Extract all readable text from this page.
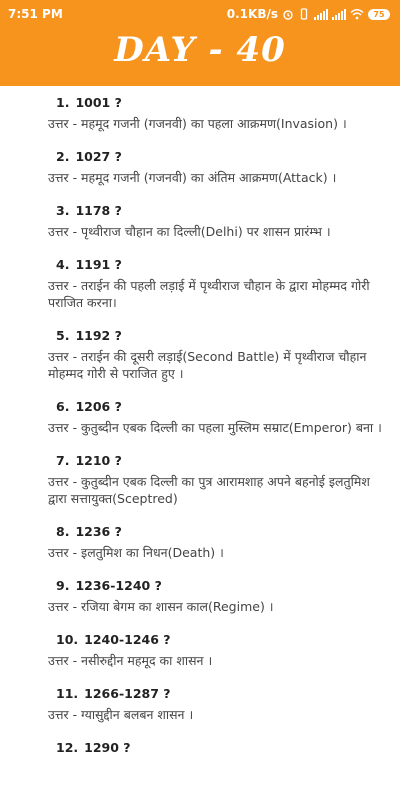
7:51 PM	0.1KB/s	75
DAY - 40
1. 1001 ?
उत्तर - महमूद गजनी (गजनवी) का पहला आक्रमण(Invasion) ।
2. 1027 ?
उत्तर - महमूद गजनी (गजनवी) का अंतिम आक्रमण(Attack) ।
3. 1178 ?
उत्तर - पृथ्वीराज चौहान का दिल्ली(Delhi) पर शासन प्रारंम्भ ।
4. 1191 ?
उत्तर - तराईन की पहली लड़ाई में पृथ्वीराज चौहान के द्वारा मोहम्मद गोरी पराजित करना।
5. 1192 ?
उत्तर - तराईन की दूसरी लड़ाई(Second Battle) में पृथ्वीराज चौहान मोहम्मद गोरी से पराजित हुए ।
6. 1206 ?
उत्तर - कुतुब्दीन एबक दिल्ली का पहला मुस्लिम सम्राट(Emperor) बना ।
7. 1210 ?
उत्तर - कुतुब्दीन एबक दिल्ली का पुत्र आरामशाह अपने बहनोई इलतुमिश द्वारा सत्तायुक्त(Sceptred)
8. 1236 ?
उत्तर - इलतुमिश का निधन(Death) ।
9. 1236-1240 ?
उत्तर - रजिया बेगम का शासन काल(Regime) ।
10. 1240-1246 ?
उत्तर - नसीरुद्दीन महमूद का शासन ।
11. 1266-1287 ?
उत्तर - ग्यासुद्दीन बलबन शासन ।
12. 1290 ?
